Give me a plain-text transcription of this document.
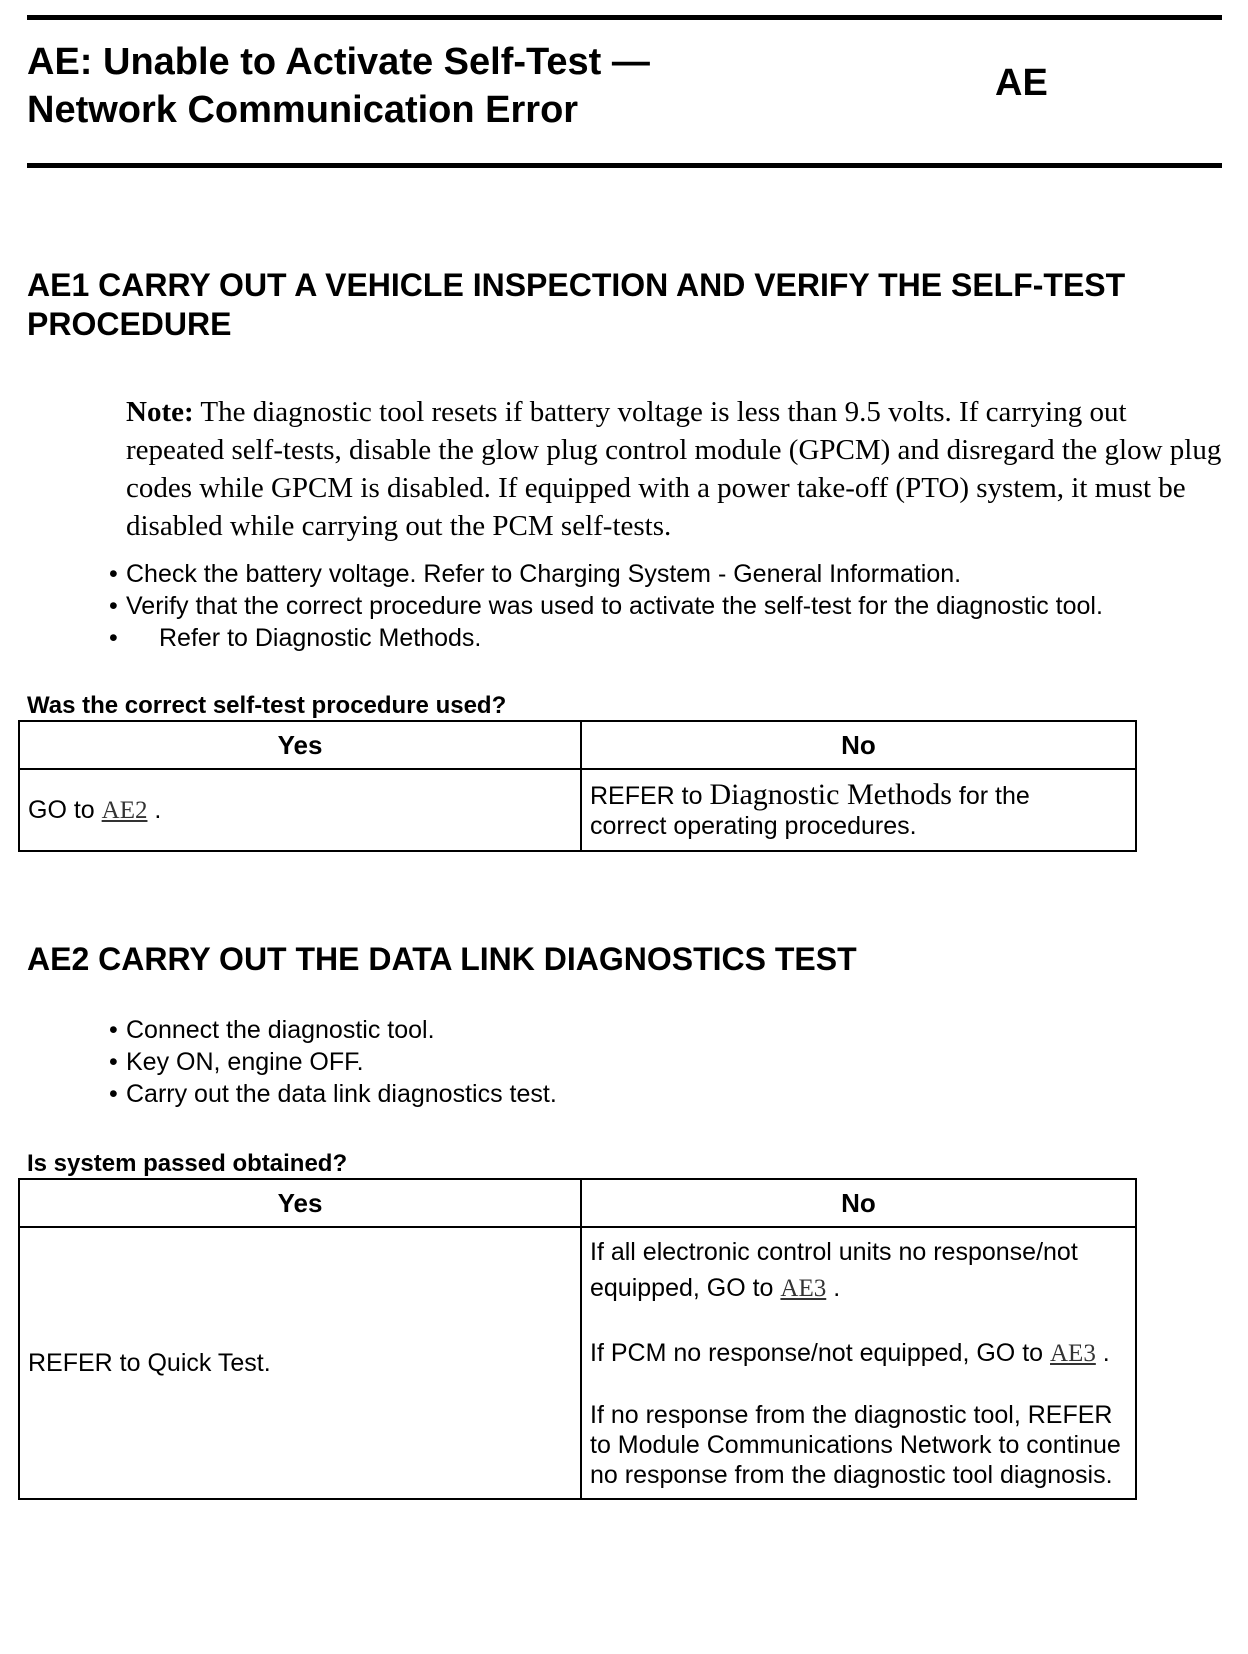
AE: Unable to Activate Self-Test —
Network Communication Error
AE
AE1 CARRY OUT A VEHICLE INSPECTION AND VERIFY THE SELF-TEST PROCEDURE
Note: The diagnostic tool resets if battery voltage is less than 9.5 volts. If carrying out repeated self-tests, disable the glow plug control module (GPCM) and disregard the glow plug codes while GPCM is disabled. If equipped with a power take-off (PTO) system, it must be disabled while carrying out the PCM self-tests.
• Check the battery voltage. Refer to Charging System - General Information.
• Verify that the correct procedure was used to activate the self-test for the diagnostic tool.
• Refer to Diagnostic Methods.
Was the correct self-test procedure used?
Yes	No
GO to AE2 .	REFER to Diagnostic Methods for the
correct operating procedures.
AE2 CARRY OUT THE DATA LINK DIAGNOSTICS TEST
• Connect the diagnostic tool.
• Key ON, engine OFF.
• Carry out the data link diagnostics test.
Is system passed obtained?
Yes	No
REFER to Quick Test.	If all electronic control units no response/not equipped, GO to AE3 .

If PCM no response/not equipped, GO to AE3 .

If no response from the diagnostic tool, REFER to Module Communications Network to continue no response from the diagnostic tool diagnosis.
